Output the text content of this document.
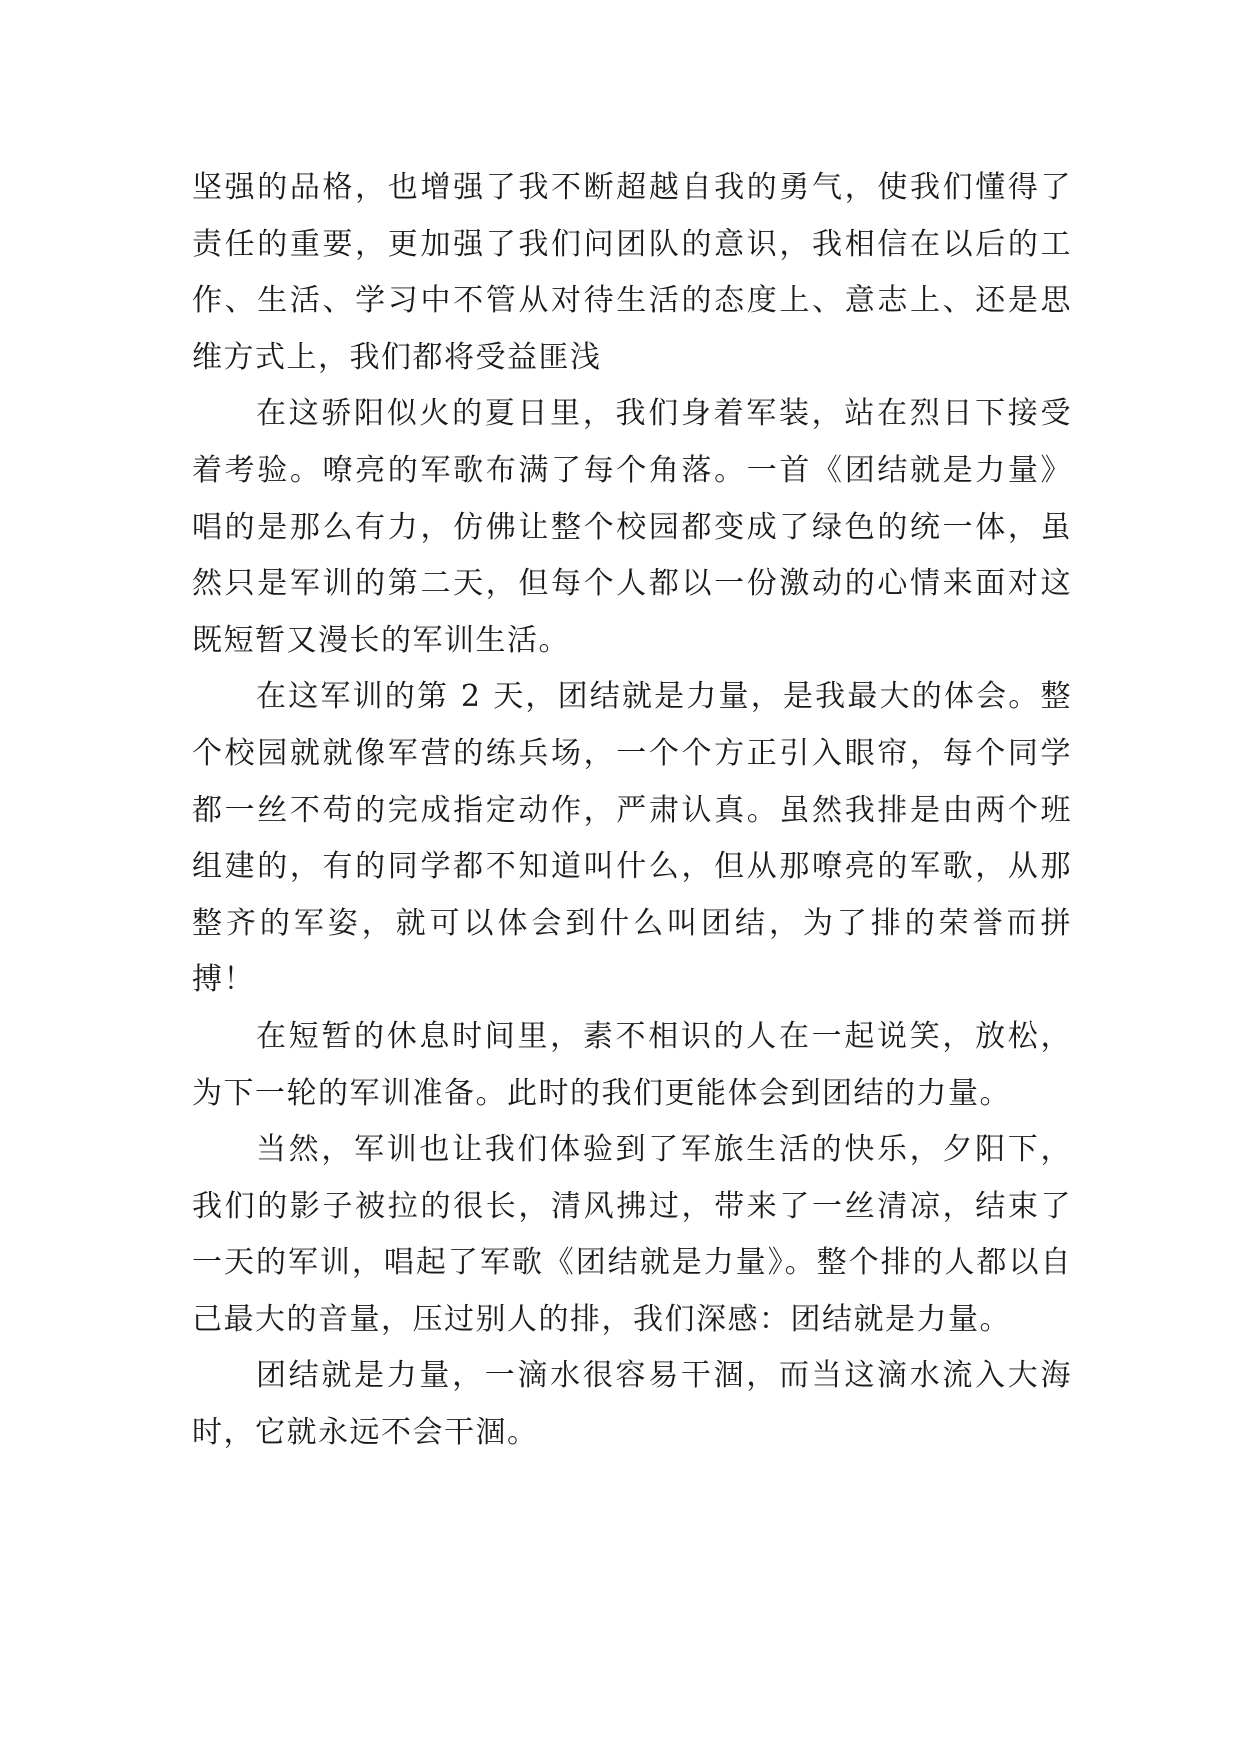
坚强的品格，也增强了我不断超越自我的勇气，使我们懂得了责任的重要，更加强了我们问团队的意识，我相信在以后的工作、生活、学习中不管从对待生活的态度上、意志上、还是思维方式上，我们都将受益匪浅

在这骄阳似火的夏日里，我们身着军装，站在烈日下接受着考验。嘹亮的军歌布满了每个角落。一首《团结就是力量》唱的是那么有力，仿佛让整个校园都变成了绿色的统一体，虽然只是军训的第二天，但每个人都以一份激动的心情来面对这既短暂又漫长的军训生活。

在这军训的第 2 天，团结就是力量，是我最大的体会。整个校园就就像军营的练兵场，一个个方正引入眼帘，每个同学都一丝不苟的完成指定动作，严肃认真。虽然我排是由两个班组建的，有的同学都不知道叫什么，但从那嘹亮的军歌，从那整齐的军姿，就可以体会到什么叫团结，为了排的荣誉而拼搏！

在短暂的休息时间里，素不相识的人在一起说笑，放松，为下一轮的军训准备。此时的我们更能体会到团结的力量。

当然，军训也让我们体验到了军旅生活的快乐，夕阳下，我们的影子被拉的很长，清风拂过，带来了一丝清凉，结束了一天的军训，唱起了军歌《团结就是力量》。整个排的人都以自己最大的音量，压过别人的排，我们深感：团结就是力量。

团结就是力量，一滴水很容易干涸，而当这滴水流入大海时，它就永远不会干涸。
